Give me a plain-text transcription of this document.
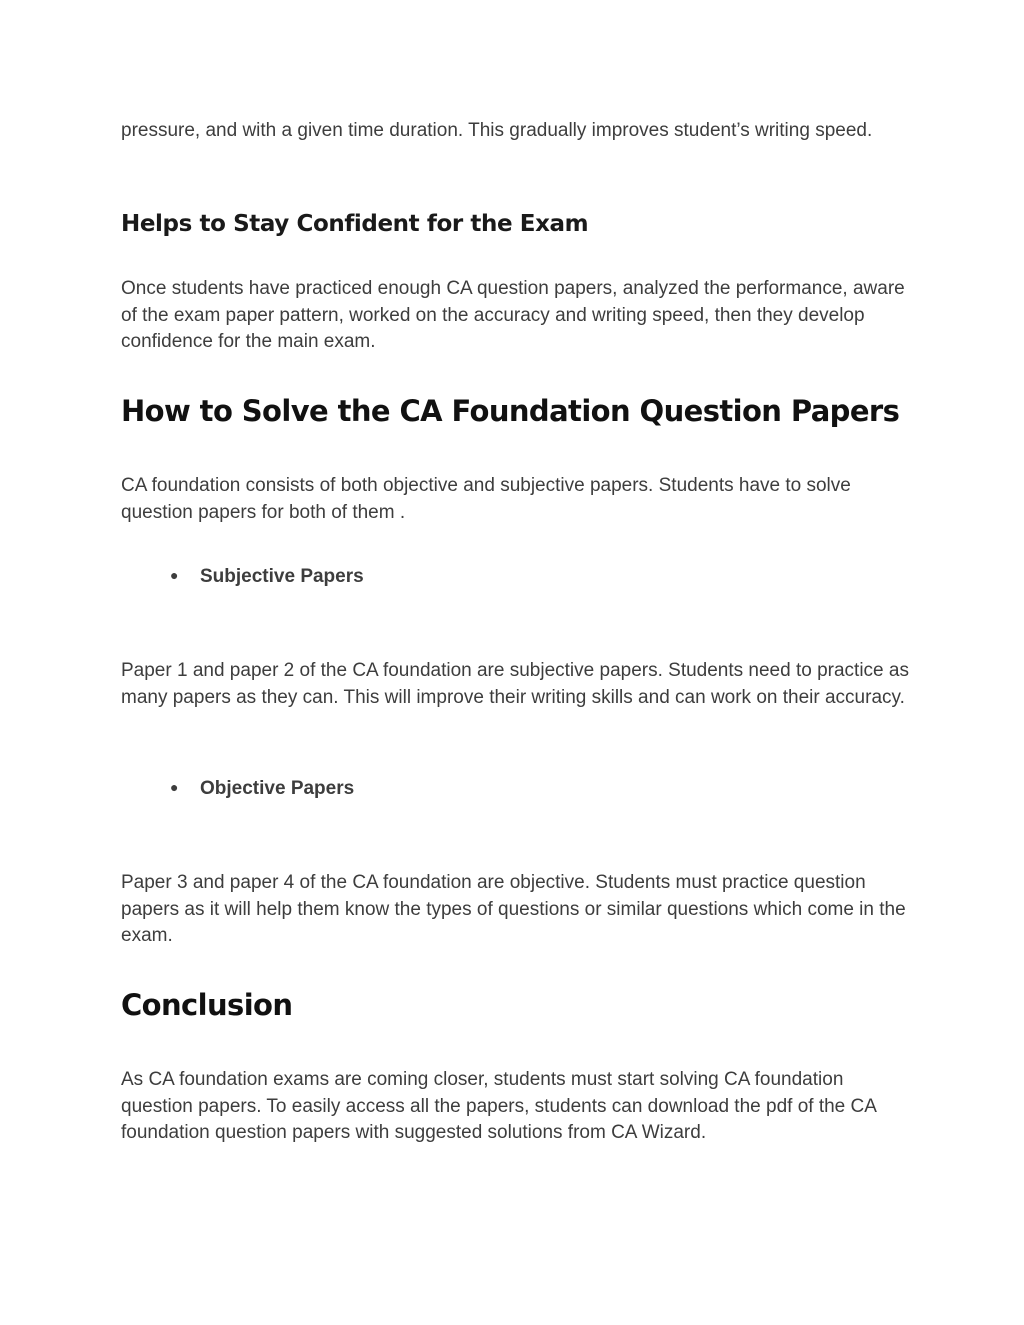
pressure, and with a given time duration. This gradually improves student’s writing speed.

Helps to Stay Confident for the Exam

Once students have practiced enough CA question papers, analyzed the performance, aware of the exam paper pattern, worked on the accuracy and writing speed, then they develop confidence for the main exam.

How to Solve the CA Foundation Question Papers

CA foundation consists of both objective and subjective papers. Students have to solve question papers for both of them .

● Subjective Papers

Paper 1 and paper 2 of the CA foundation are subjective papers. Students need to practice as many papers as they can. This will improve their writing skills and can work on their accuracy.

● Objective Papers

Paper 3 and paper 4 of the CA foundation are objective. Students must practice question papers as it will help them know the types of questions or similar questions which come in the exam.

Conclusion

As CA foundation exams are coming closer, students must start solving CA foundation question papers. To easily access all the papers, students can download the pdf of the CA foundation question papers with suggested solutions from CA Wizard.
